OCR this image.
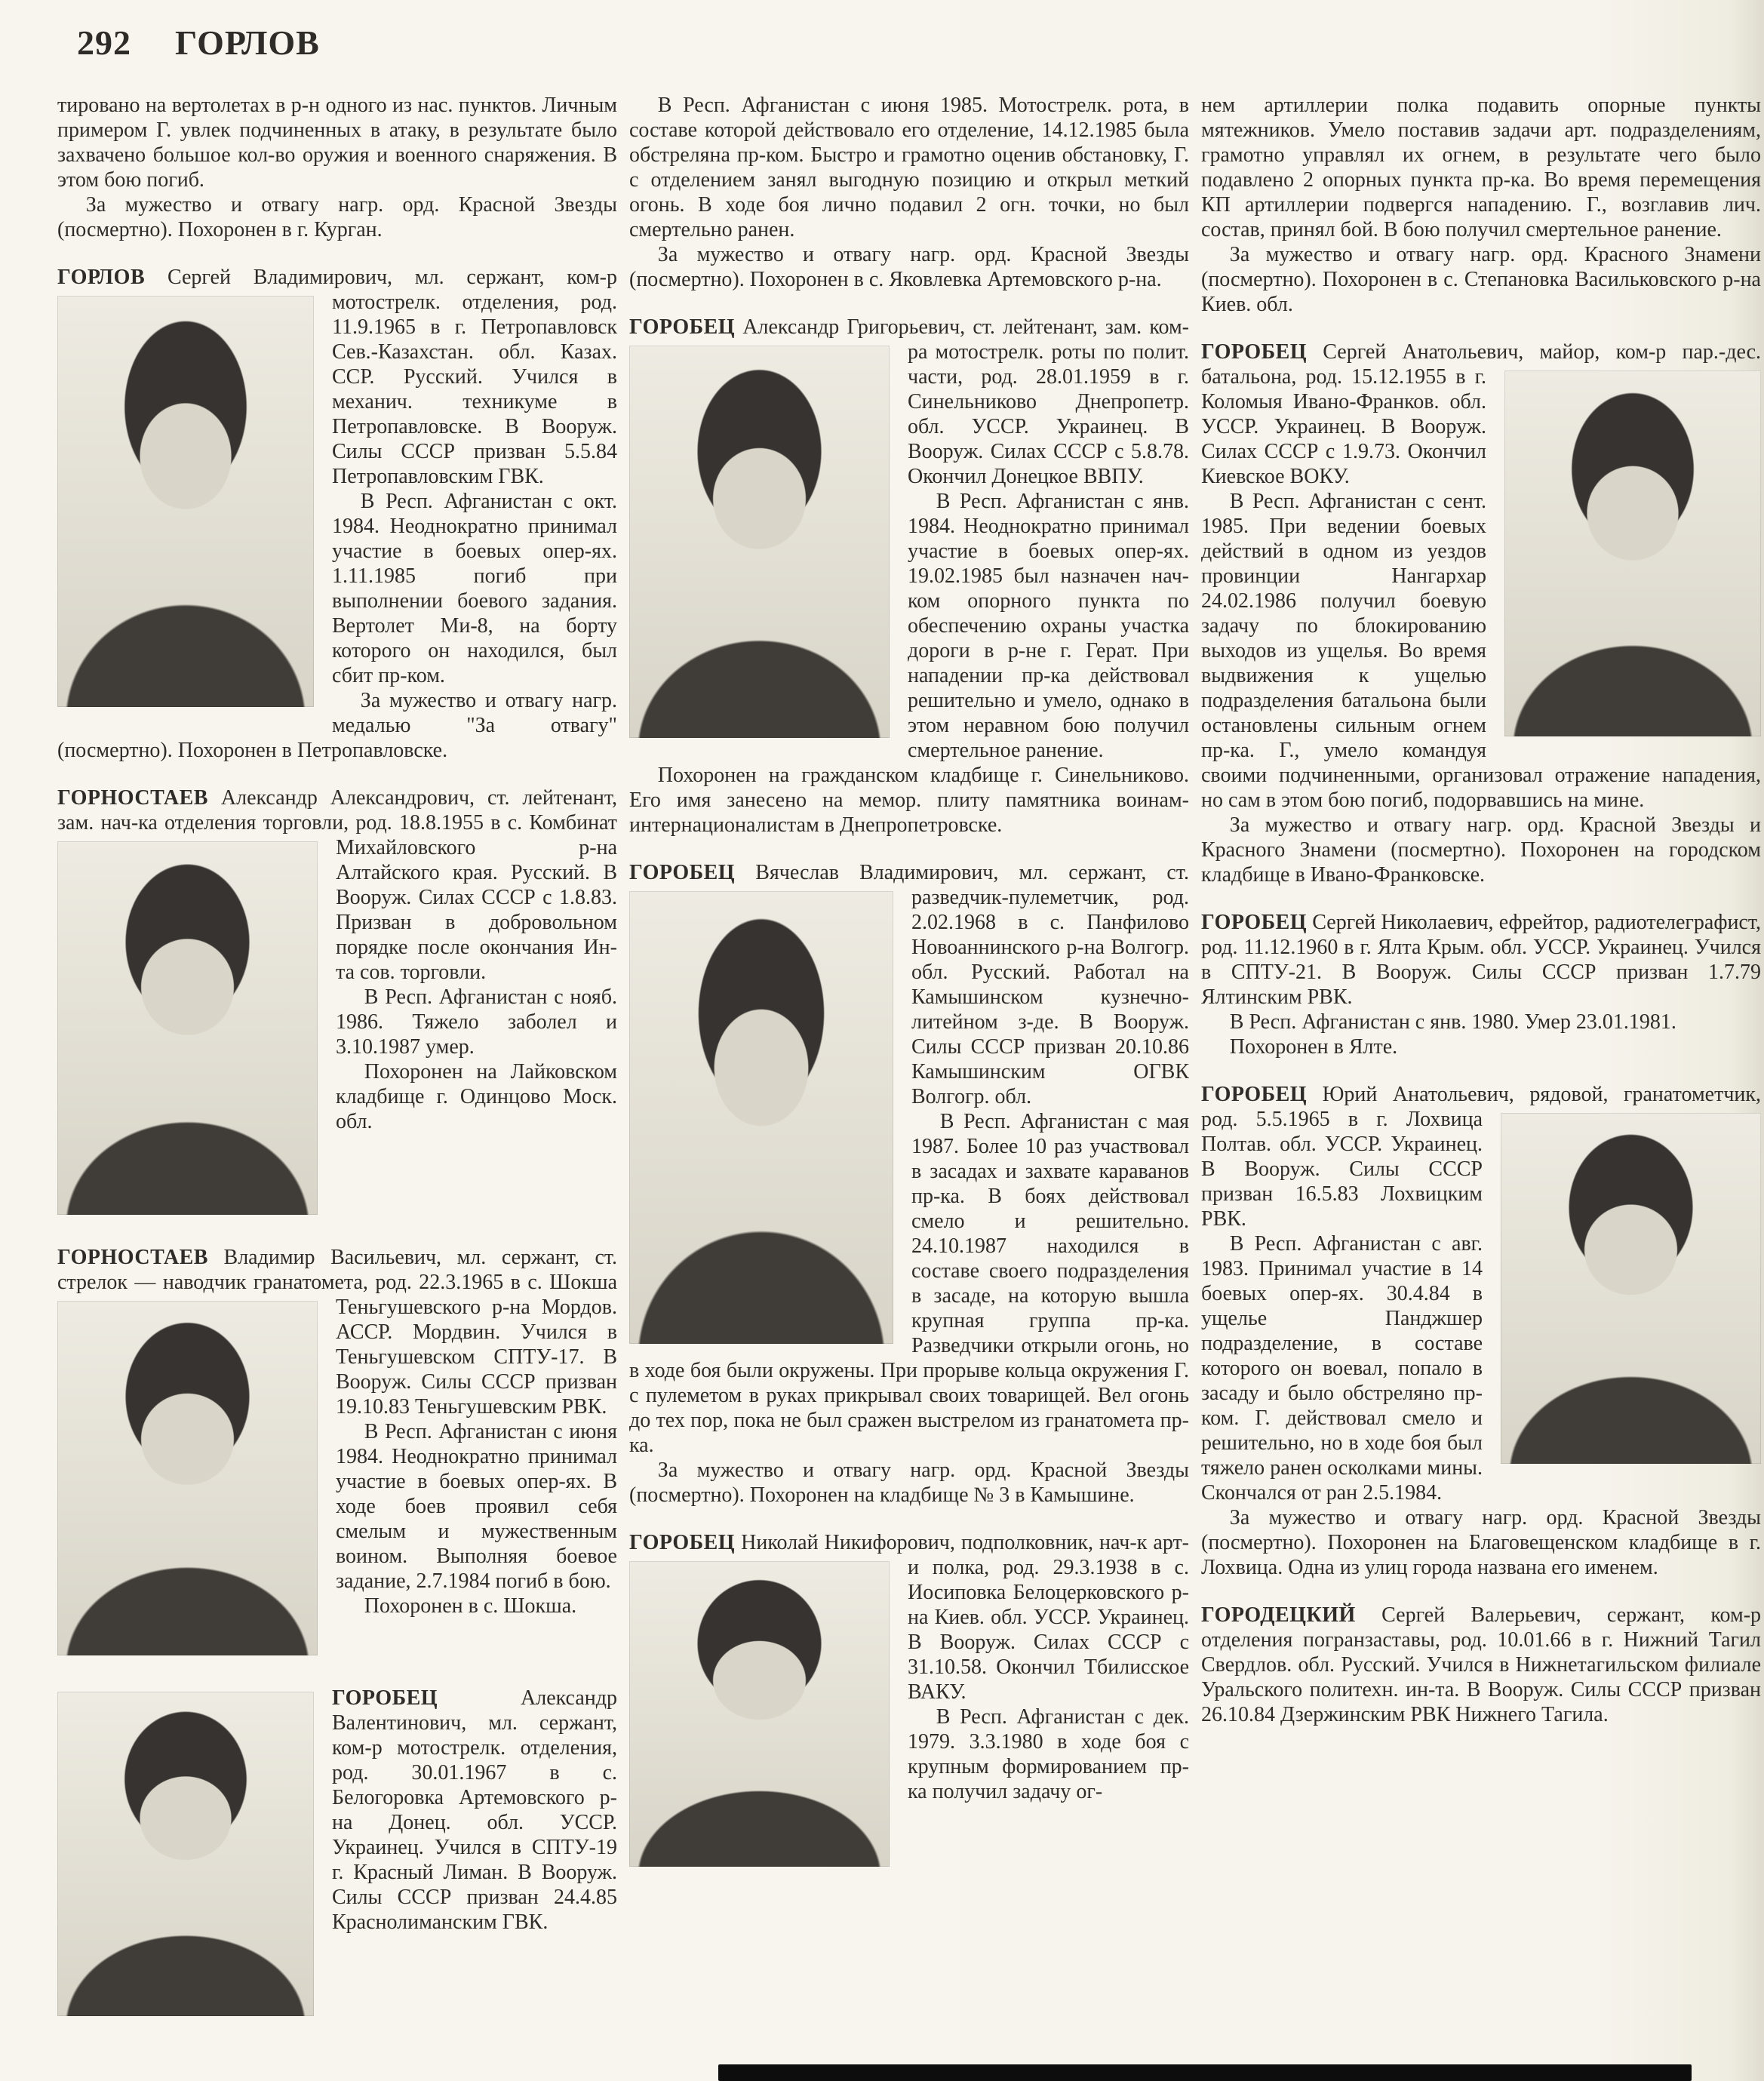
292 ГОРЛОВ

тировано на вертолетах в р-н одного из нас. пунктов. Личным примером Г. увлек подчиненных в атаку, в результате было захвачено большое кол-во оружия и военного снаряжения. В этом бою погиб.

За мужество и отвагу нагр. орд. Красной Звезды (посмертно). Похоронен в г. Курган.

ГОРЛОВ Сергей Владимирович, мл. сержант, ком-р мотострелк. отделения, род.
11.9.1965 в г. Петропавловск Сев.-Казахстан. обл. Казах. ССР. Русский. Учился в механич. техникуме в Петропавловске. В Вооруж. Силы СССР призван 5.5.84 Петропавловским ГВК.

В Респ. Афганистан с окт. 1984. Неоднократно принимал участие в боевых опер-ях. 1.11.1985 погиб при выполнении боевого задания. Вертолет Ми-8, на борту которого он находился, был сбит пр-ком.

За мужество и отвагу нагр. медалью "За отвагу" (посмертно). Похоронен в Петропавловске.

ГОРНОСТАЕВ Александр Александрович, ст. лейтенант, зам. нач-ка отделения торговли, род. 18.8.1955 в с. Комбинат Михайловского р-на Алтайского края. Русский. В Вооруж. Силах СССР с 1.8.83. Призван в добровольном порядке после окончания Ин-та сов. торговли.

В Респ. Афганистан с нояб. 1986. Тяжело заболел и 3.10.1987 умер.

Похоронен на Лайковском кладбище г. Одинцово Моск. обл.

ГОРНОСТАЕВ Владимир Васильевич, мл. сержант, ст. стрелок — наводчик гранатомета, род. 22.3.1965 в с. Шокша Теньгушевского р-на Мордов. АССР. Мордвин. Учился в Теньгушевском СПТУ-17. В Вооруж. Силы СССР призван 19.10.83 Теньгушевским РВК.

В Респ. Афганистан с июня 1984. Неоднократно принимал участие в боевых опер-ях. В ходе боев проявил себя смелым и мужественным воином. Выполняя боевое задание, 2.7.1984 погиб в бою.

Похоронен в с. Шокша.

ГОРОБЕЦ	Александр Валентинович, мл. сержант, ком-р мотострелк. отделения, род. 30.01.1967 в с. Белогоровка Артемовского р-на Донец. обл. УССР. Украинец. Учился в СПТУ-19 г. Красный Лиман. В Вооруж. Силы СССР призван 24.4.85 Краснолиманским ГВК.

В Респ. Афганистан с июня 1985. Мотострелк. рота, в составе которой действовало его отделение, 14.12.1985 была обстреляна пр-ком. Быстро и грамотно оценив обстановку, Г. с отделением занял выгодную позицию и открыл меткий огонь. В ходе боя лично подавил 2 огн. точки, но был смертельно ранен.

За мужество и отвагу нагр. орд. Красной Звезды (посмертно). Похоронен в с. Яковлевка Артемовского р-на.

ГОРОБЕЦ Александр Григорьевич, ст. лейтенант, зам. ком-ра мотострелк. роты по полит. части, род. 28.01.1959 в г. Синельниково Днепропетр. обл. УССР. Украинец. В Вооруж. Силах СССР с 5.8.78. Окончил Донецкое ВВПУ.

В Респ. Афганистан с янв. 1984. Неоднократно принимал участие в боевых опер-ях. 19.02.1985 был назначен нач-ком опорного пункта по обеспечению охраны участка дороги в р-не г. Герат. При нападении пр-ка действовал решительно и умело, однако в этом неравном бою получил смертельное ранение.

Похоронен на гражданском кладбище г. Синельниково. Его имя занесено на мемор. плиту памятника воинам-интернационалистам в Днепропетровске.

ГОРОБЕЦ Вячеслав Владимирович, мл. сержант, ст. разведчик-пулеметчик, род.
2.02.1968 в с. Панфилово Новоаннинского р-на Волгогр. обл. Русский. Работал на Камышинском кузнечно-литейном з-де. В Вооруж. Силы СССР призван 20.10.86 Камышинским ОГВК Волгогр. обл.

В Респ. Афганистан с мая 1987. Более 10 раз участвовал в засадах и захвате караванов пр-ка. В боях действовал смело и решительно. 24.10.1987 находился в составе своего подразделения в засаде, на которую вышла крупная группа пр-ка. Разведчики открыли огонь, но в ходе боя были окружены. При прорыве кольца окружения Г. с пулеметом в руках прикрывал своих товарищей. Вел огонь до тех пор, пока не был сражен выстрелом из гранатомета пр-ка.

За мужество и отвагу нагр. орд. Красной Звезды (посмертно). Похоронен на кладбище № 3 в Камышине.

ГОРОБЕЦ Николай Никифорович, подполковник, нач-к арт-и полка, род. 29.3.1938 в с. Иосиповка Белоцерковского р-на Киев. обл. УССР. Украинец. В Вооруж. Силах СССР с 31.10.58. Окончил Тбилисское ВАКУ.

В Респ. Афганистан с дек. 1979. 3.3.1980 в ходе боя с крупным формированием пр-ка получил задачу ог-

нем артиллерии полка подавить опорные пункты мятежников. Умело поставив задачи арт. подразделениям, грамотно управлял их огнем, в результате чего было подавлено 2 опорных пункта пр-ка. Во время перемещения КП артиллерии подвергся нападению. Г., возглавив лич. состав, принял бой. В бою получил смертельное ранение.

За мужество и отвагу нагр. орд. Красного Знамени (посмертно). Похоронен в с. Степановка Васильковского р-на Киев. обл.

ГОРОБЕЦ Сергей Анатольевич, майор, ком-р пар.-дес. батальона, род. 15.12.1955 в г.
Коломыя Ивано-Франков. обл. УССР. Украинец. В Вооруж. Силах СССР с 1.9.73. Окончил Киевское ВОКУ.

В Респ. Афганистан с сент. 1985. При ведении боевых действий в одном из уездов провинции Нангархар 24.02.1986 получил боевую задачу по блокированию выходов из ущелья. Во время выдвижения к ущелью подразделения батальона были остановлены сильным огнем пр-ка. Г., умело командуя своими подчиненными, организовал отражение нападения, но сам в этом бою погиб, подорвавшись на мине.

За мужество и отвагу нагр. орд. Красной Звезды и Красного Знамени (посмертно). Похоронен на городском кладбище в Ивано-Франковске.

ГОРОБЕЦ Сергей Николаевич, ефрейтор, радиотелеграфист, род. 11.12.1960 в г. Ялта Крым. обл. УССР. Украинец. Учился в СПТУ-21. В Вооруж. Силы СССР призван 1.7.79 Ялтинским РВК.

В Респ. Афганистан с янв. 1980. Умер 23.01.1981.

Похоронен в Ялте.

ГОРОБЕЦ Юрий Анатольевич, рядовой, гранатометчик, род. 5.5.1965 в г. Лохвица
Полтав. обл. УССР. Украинец. В Вооруж. Силы СССР призван 16.5.83 Лохвицким РВК.

В Респ. Афганистан с авг. 1983. Принимал участие в 14 боевых опер-ях. 30.4.84 в ущелье Панджшер подразделение, в составе которого он воевал, попало в засаду и было обстреляно пр-ком. Г. действовал смело и решительно, но в ходе боя был тяжело ранен осколками мины. Скончался от ран 2.5.1984.

За мужество и отвагу нагр. орд. Красной Звезды (посмертно). Похоронен на Благовещенском кладбище в г. Лохвица. Одна из улиц города названа его именем.

ГОРОДЕЦКИЙ Сергей Валерьевич, сержант, ком-р отделения погранзаставы, род. 10.01.66 в г. Нижний Тагил Свердлов. обл. Русский. Учился в Нижнетагильском филиале Уральского политехн. ин-та. В Вооруж. Силы СССР призван 26.10.84 Дзержинским РВК Нижнего Тагила.
